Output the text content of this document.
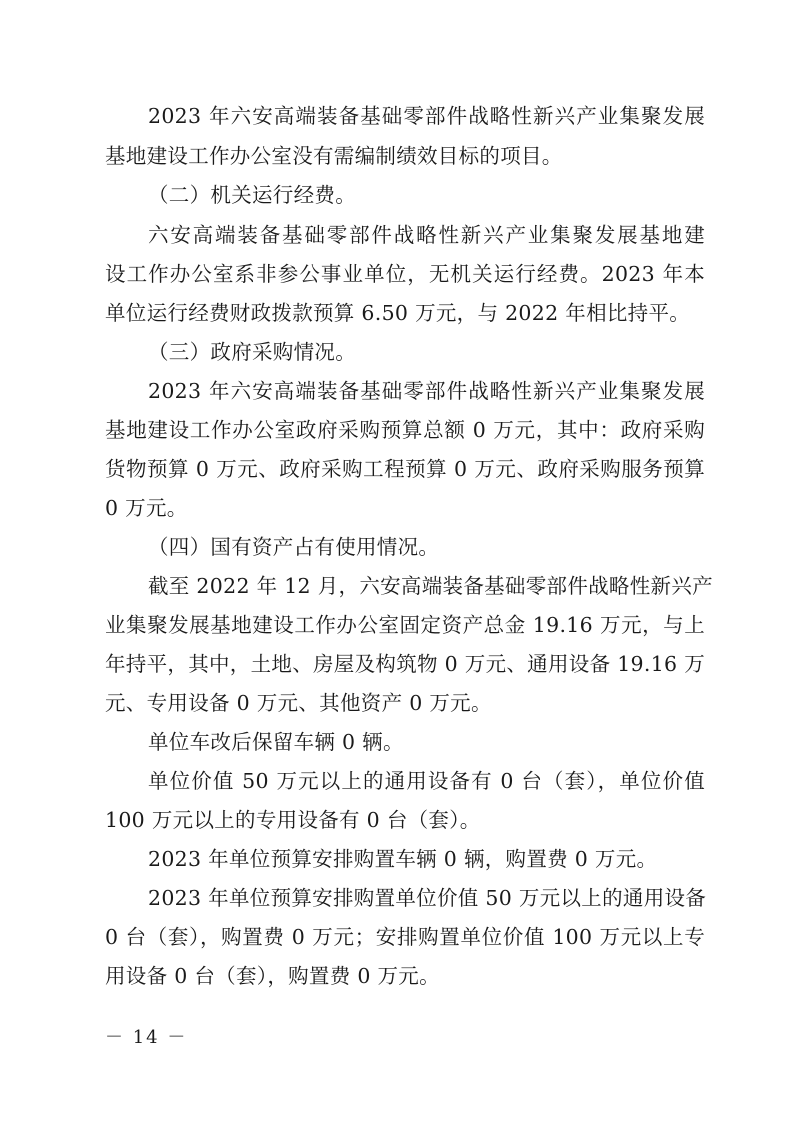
2023 年六安高端装备基础零部件战略性新兴产业集聚发展
基地建设工作办公室没有需编制绩效目标的项目。
（二）机关运行经费。
六安高端装备基础零部件战略性新兴产业集聚发展基地建
设工作办公室系非参公事业单位，无机关运行经费。2023 年本
单位运行经费财政拨款预算 6.50 万元，与 2022 年相比持平。
（三）政府采购情况。
2023 年六安高端装备基础零部件战略性新兴产业集聚发展
基地建设工作办公室政府采购预算总额 0 万元，其中：政府采购
货物预算 0 万元、政府采购工程预算 0 万元、政府采购服务预算
0 万元。
（四）国有资产占有使用情况。
截至 2022 年 12 月，六安高端装备基础零部件战略性新兴产
业集聚发展基地建设工作办公室固定资产总金 19.16 万元，与上
年持平，其中，土地、房屋及构筑物 0 万元、通用设备 19.16 万
元、专用设备 0 万元、其他资产 0 万元。
单位车改后保留车辆 0 辆。
单位价值 50 万元以上的通用设备有 0 台（套），单位价值
100 万元以上的专用设备有 0 台（套）。
2023 年单位预算安排购置车辆 0 辆，购置费 0 万元。
2023 年单位预算安排购置单位价值 50 万元以上的通用设备
0 台（套），购置费 0 万元；安排购置单位价值 100 万元以上专
用设备 0 台（套），购置费 0 万元。
－ 14 －
